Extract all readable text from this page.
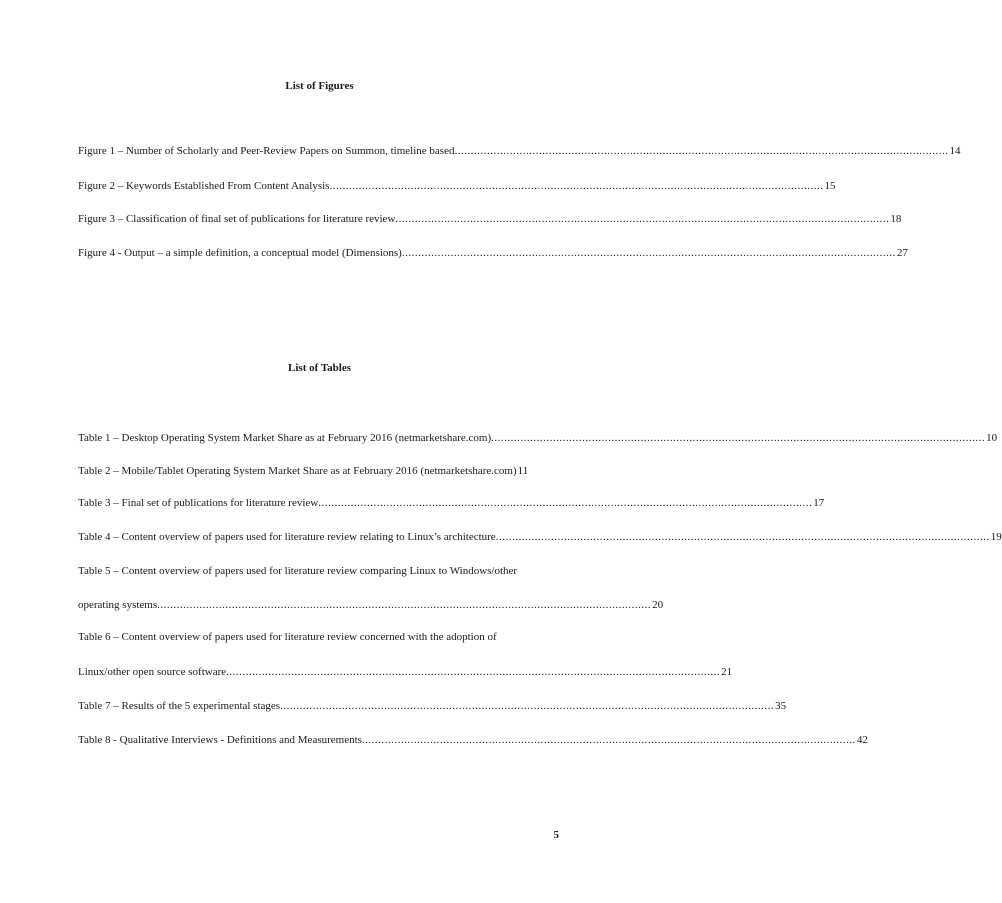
List of Figures
Figure 1 – Number of Scholarly and Peer-Review Papers on Summon, timeline based ........................................................................................................................................................ 14
Figure 2 – Keywords Established From Content Analysis ........................................................................................................................................................ 15
Figure 3 – Classification of final set of publications for literature review ........................................................................................................................................................ 18
Figure 4 - Output – a simple definition, a conceptual model (Dimensions) ........................................................................................................................................................ 27
List of Tables
Table 1 – Desktop Operating System Market Share as at February 2016 (netmarketshare.com) ........................................................................................................................................................ 10
Table 2 – Mobile/Tablet Operating System Market Share as at February 2016 (netmarketshare.com) 11
Table 3 – Final set of publications for literature review ........................................................................................................................................................ 17
Table 4 – Content overview of papers used for literature review relating to Linux’s architecture ........................................................................................................................................................ 19
Table 5 – Content overview of papers used for literature review comparing Linux to Windows/other
operating systems ........................................................................................................................................................ 20
Table 6 – Content overview of papers used for literature review concerned with the adoption of
Linux/other open source software ........................................................................................................................................................ 21
Table 7 – Results of the 5 experimental stages ........................................................................................................................................................ 35
Table 8 - Qualitative Interviews - Definitions and Measurements ........................................................................................................................................................ 42
5
